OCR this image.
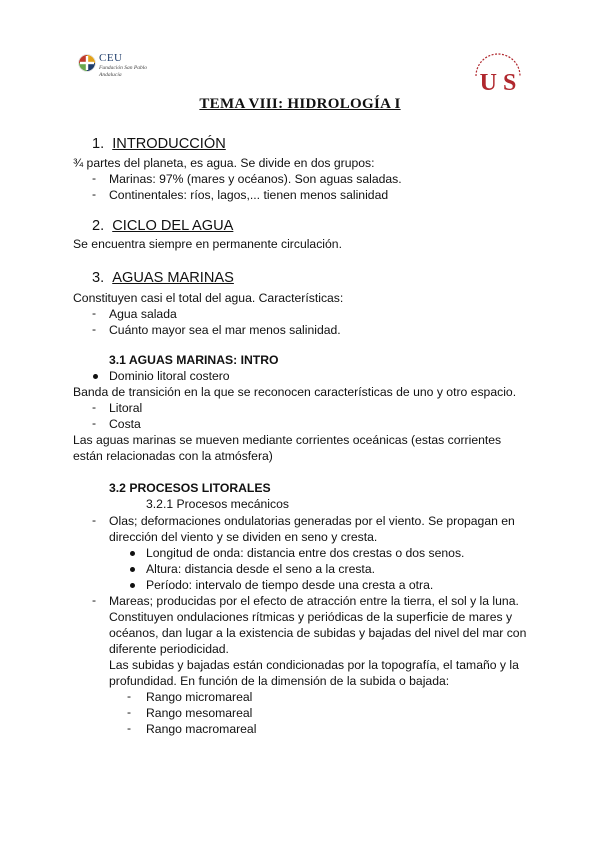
CEU
Fundación San Pablo
Andalucía	U S
TEMA VIII: HIDROLOGÍA I
1. INTRODUCCIÓN
¾ partes del planeta, es agua. Se divide en dos grupos:
- Marinas: 97% (mares y océanos). Son aguas saladas.
- Continentales: ríos, lagos,... tienen menos salinidad
2. CICLO DEL AGUA
Se encuentra siempre en permanente circulación.
3. AGUAS MARINAS
Constituyen casi el total del agua. Características:
- Agua salada
- Cuánto mayor sea el mar menos salinidad.
3.1 AGUAS MARINAS: INTRO
Dominio litoral costero
Banda de transición en la que se reconocen características de uno y otro espacio.
- Litoral
- Costa
Las aguas marinas se mueven mediante corrientes oceánicas (estas corrientes
están relacionadas con la atmósfera)
3.2 PROCESOS LITORALES
3.2.1 Procesos mecánicos
- Olas; deformaciones ondulatorias generadas por el viento. Se propagan en
dirección del viento y se dividen en seno y cresta.
Longitud de onda: distancia entre dos crestas o dos senos.
Altura: distancia desde el seno a la cresta.
Período: intervalo de tiempo desde una cresta a otra.
- Mareas; producidas por el efecto de atracción entre la tierra, el sol y la luna.
Constituyen ondulaciones rítmicas y periódicas de la superficie de mares y
océanos, dan lugar a la existencia de subidas y bajadas del nivel del mar con
diferente periodicidad.
Las subidas y bajadas están condicionadas por la topografía, el tamaño y la
profundidad. En función de la dimensión de la subida o bajada:
- Rango micromareal
- Rango mesomareal
- Rango macromareal
